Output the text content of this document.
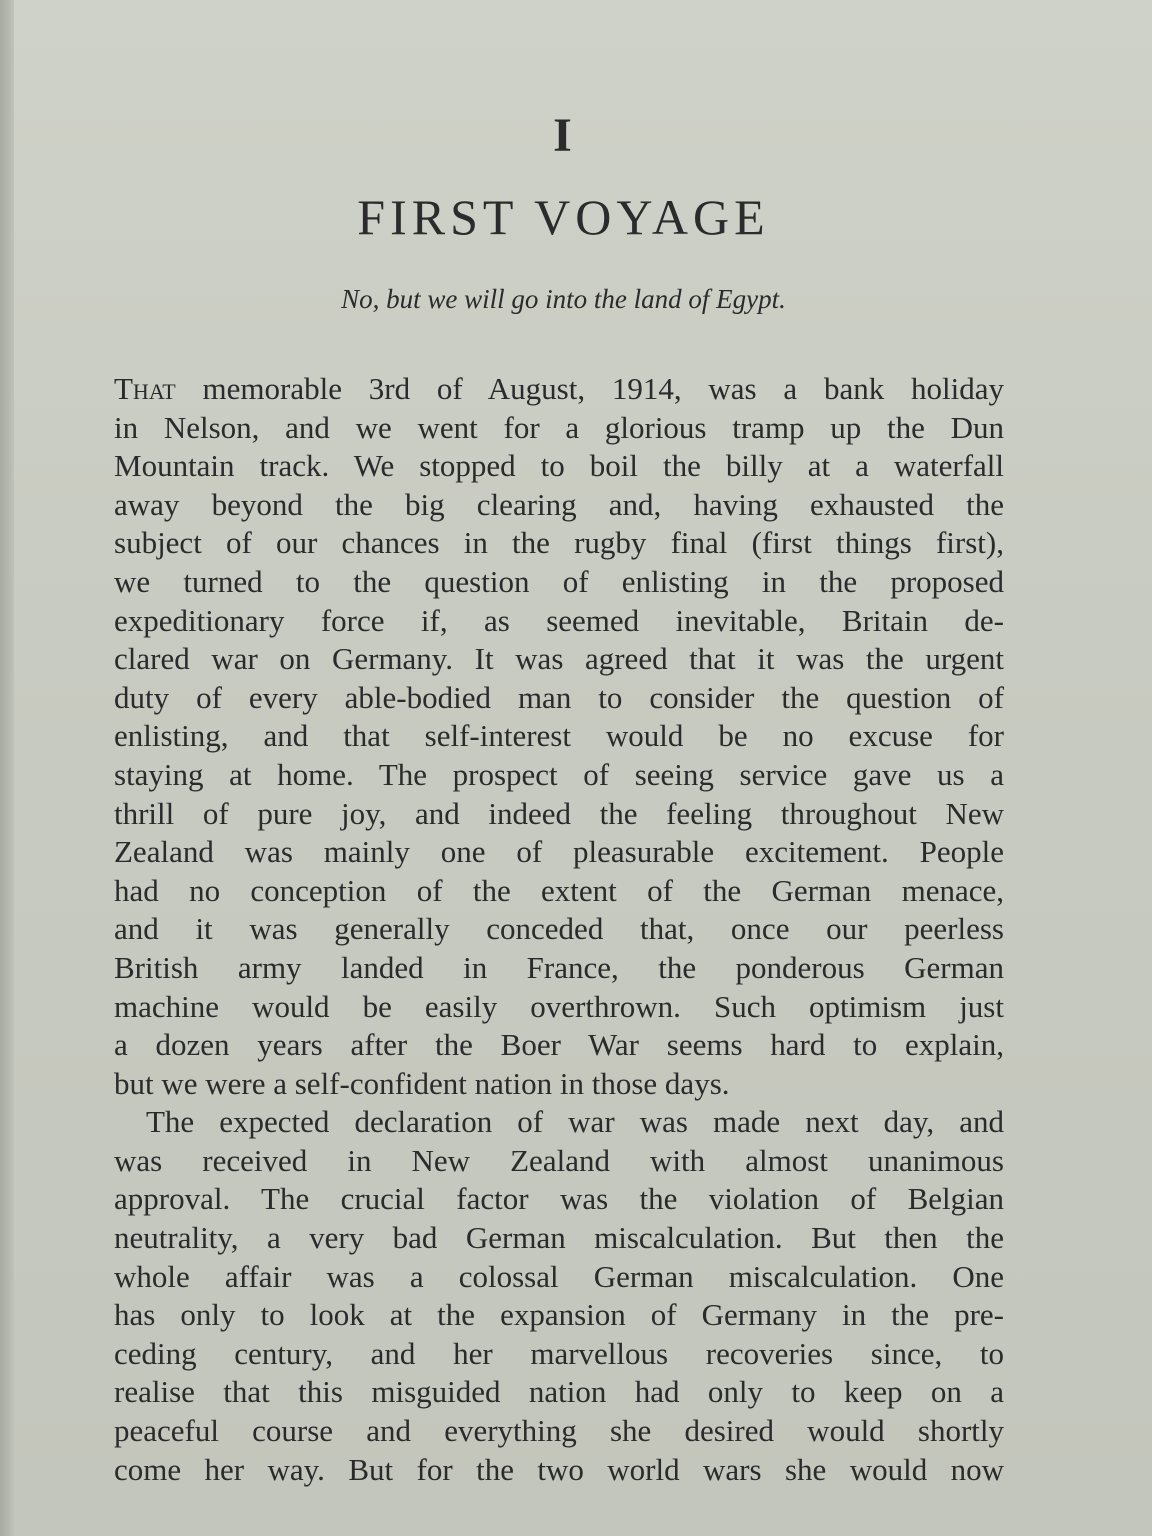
I
FIRST VOYAGE
No, but we will go into the land of Egypt.
That memorable 3rd of August, 1914, was a bank holiday
in Nelson, and we went for a glorious tramp up the Dun
Mountain track. We stopped to boil the billy at a waterfall
away beyond the big clearing and, having exhausted the
subject of our chances in the rugby final (first things first),
we turned to the question of enlisting in the proposed
expeditionary force if, as seemed inevitable, Britain de-
clared war on Germany. It was agreed that it was the urgent
duty of every able-bodied man to consider the question of
enlisting, and that self-interest would be no excuse for
staying at home. The prospect of seeing service gave us a
thrill of pure joy, and indeed the feeling throughout New
Zealand was mainly one of pleasurable excitement. People
had no conception of the extent of the German menace,
and it was generally conceded that, once our peerless
British army landed in France, the ponderous German
machine would be easily overthrown. Such optimism just
a dozen years after the Boer War seems hard to explain,
but we were a self-confident nation in those days.
The expected declaration of war was made next day, and
was received in New Zealand with almost unanimous
approval. The crucial factor was the violation of Belgian
neutrality, a very bad German miscalculation. But then the
whole affair was a colossal German miscalculation. One
has only to look at the expansion of Germany in the pre-
ceding century, and her marvellous recoveries since, to
realise that this misguided nation had only to keep on a
peaceful course and everything she desired would shortly
come her way. But for the two world wars she would now
